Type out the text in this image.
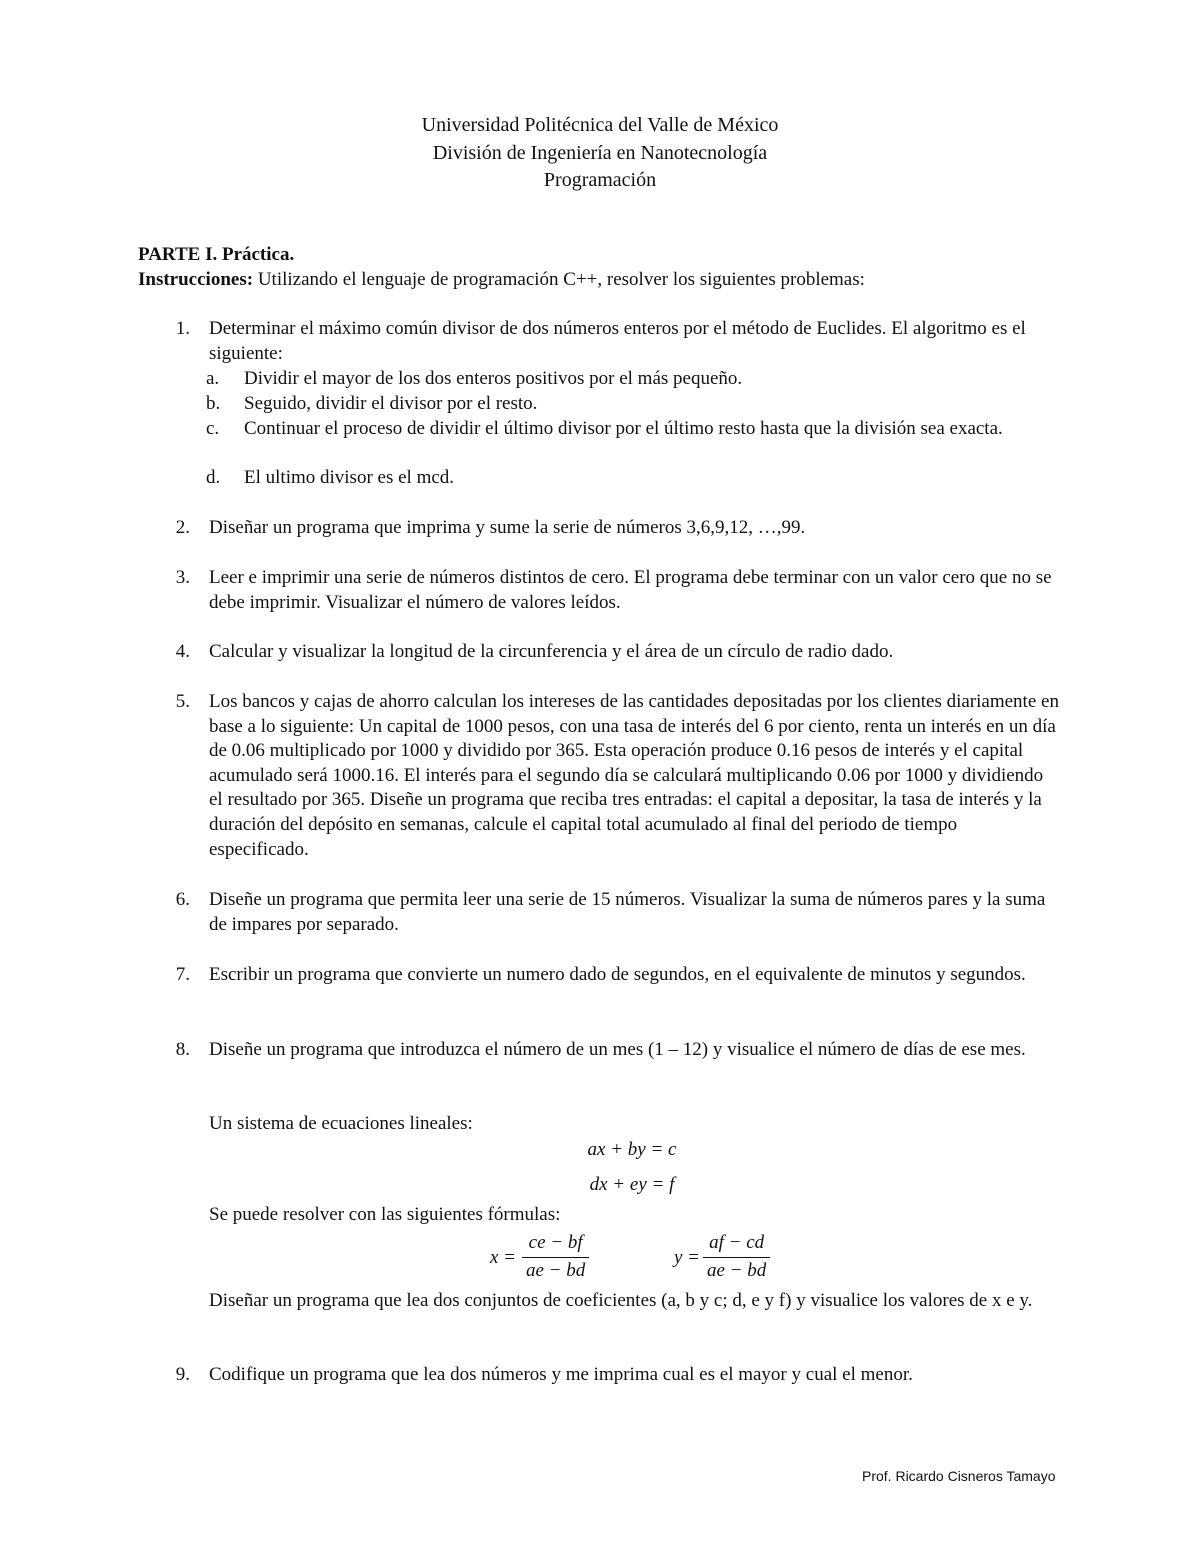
Universidad Politécnica del Valle de México
División de Ingeniería en Nanotecnología
Programación
PARTE I. Práctica.
Instrucciones: Utilizando el lenguaje de programación C++, resolver los siguientes problemas:
1. Determinar el máximo común divisor de dos números enteros por el método de Euclides. El algoritmo es el siguiente:
a.	Dividir el mayor de los dos enteros positivos por el más pequeño.
b.	Seguido, dividir el divisor por el resto.
c.	Continuar el proceso de dividir el último divisor por el último resto hasta que la división sea exacta.
d.	El ultimo divisor es el mcd.
2. Diseñar un programa que imprima y sume la serie de números 3,6,9,12, …,99.
3. Leer e imprimir una serie de números distintos de cero. El programa debe terminar con un valor cero que no se debe imprimir. Visualizar el número de valores leídos.
4. Calcular y visualizar la longitud de la circunferencia y el área de un círculo de radio dado.
5. Los bancos y cajas de ahorro calculan los intereses de las cantidades depositadas por los clientes diariamente en base a lo siguiente: Un capital de 1000 pesos, con una tasa de interés del 6 por ciento, renta un interés en un día de 0.06 multiplicado por 1000 y dividido por 365. Esta operación produce 0.16 pesos de interés y el capital acumulado será 1000.16. El interés para el segundo día se calculará multiplicando 0.06 por 1000 y dividiendo el resultado por 365. Diseñe un programa que reciba tres entradas: el capital a depositar, la tasa de interés y la duración del depósito en semanas, calcule el capital total acumulado al final del periodo de tiempo especificado.
6. Diseñe un programa que permita leer una serie de 15 números. Visualizar la suma de números pares y la suma de impares por separado.
7. Escribir un programa que convierte un numero dado de segundos, en el equivalente de minutos y segundos.
8. Diseñe un programa que introduzca el número de un mes (1 – 12) y visualice el número de días de ese mes.
Un sistema de ecuaciones lineales:
ax + by = c
dx + ey = f
Se puede resolver con las siguientes fórmulas:
x =
ce − bf
ae − bd
y =
af − cd
ae − bd
Diseñar un programa que lea dos conjuntos de coeficientes (a, b y c; d, e y f) y visualice los valores de x e y.
9. Codifique un programa que lea dos números y me imprima cual es el mayor y cual el menor.
Prof. Ricardo Cisneros Tamayo
